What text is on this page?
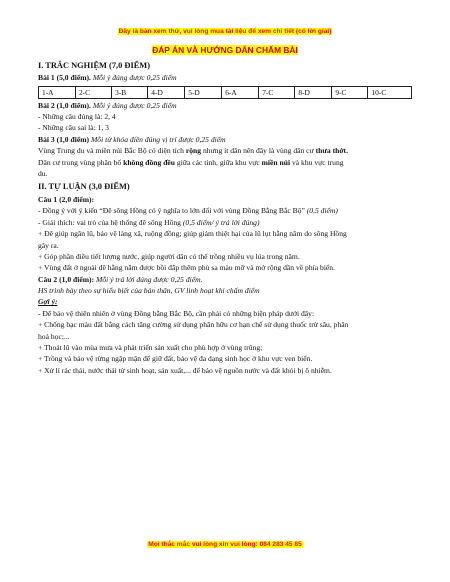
Đây là bản xem thử, vui lòng mua tài liệu để xem chi tiết (có lời giải)
ĐÁP ÁN VÀ HƯỚNG DẪN CHẤM BÀI
I. TRẮC NGHIỆM (7,0 ĐIỂM)
Bài 1 (5,0 điểm). Mỗi ý đúng được 0,25 điểm
1-A	2-C	3-B	4-D	5-D	6-A	7-C	8-D	9-C	10-C
Bài 2 (1,0 điểm). Mỗi ý đúng được 0,25 điểm
- Những câu đúng là: 2, 4
- Những câu sai là: 1, 3
Bài 3 (1,0 điểm) Mỗi từ khóa điền đúng vị trí được 0,25 điểm
Vùng Trung du và miền núi Bắc Bộ có diện tích rộng nhưng ít dân nên đây là vùng dân cư thưa thớt.
Dân cư trong vùng phân bố không đồng đều giữa các tỉnh, giữa khu vực miền núi và khu vực trung
du.
II. TỰ LUẬN (3,0 ĐIỂM)
Câu 1 (2,0 điểm):
- Đồng ý với ý kiến “Đê sông Hồng có ý nghĩa to lớn đối với vùng Đồng Bằng Bắc Bộ” (0,5 điểm)
- Giải thích: vai trò của hệ thống đê sông Hồng (0,5 điểm/ ý trả lời đúng)
+ Đê giúp ngăn lũ, bảo vệ làng xã, ruộng đồng; giúp giảm thiệt hại của lũ lụt hằng năm do sông Hồng
gây ra.
+ Góp phần điều tiết lượng nước, giúp người dân có thể trồng nhiều vụ lúa trong năm.
+ Vùng đất ở ngoài đê hằng năm được bồi đắp thêm phù sa màu mỡ và mở rộng dần về phía biển.
Câu 2 (1,0 điểm): Mỗi ý trả lời đúng được 0,25 điểm.
HS trình bày theo sự hiểu biết của bản thân, GV linh hoạt khi chấm điểm
Gợi ý:
- Để bảo vệ thiên nhiên ở vùng Đồng bằng Bắc Bộ, cần phải có những biện pháp dưới đây:
+ Chống bạc màu đất bằng cách tăng cường sử dụng phân hữu cơ hạn chế sử dụng thuốc trừ sâu, phân
hoá học;...
+ Thoát lũ vào mùa mưa và phát triển sản xuất cho phù hợp ở vùng trũng;
+ Trồng và bảo vệ rừng ngập mặn để giữ đất, bảo vệ đa dạng sinh học ở khu vực ven biển.
+ Xử lí rác thải, nước thải từ sinh hoạt, sản xuất,... để bảo vệ nguồn nước và đất khỏi bị ô nhiễm.
Mọi thắc mắc vui lòng xin vui lòng: 084 283 45 85
